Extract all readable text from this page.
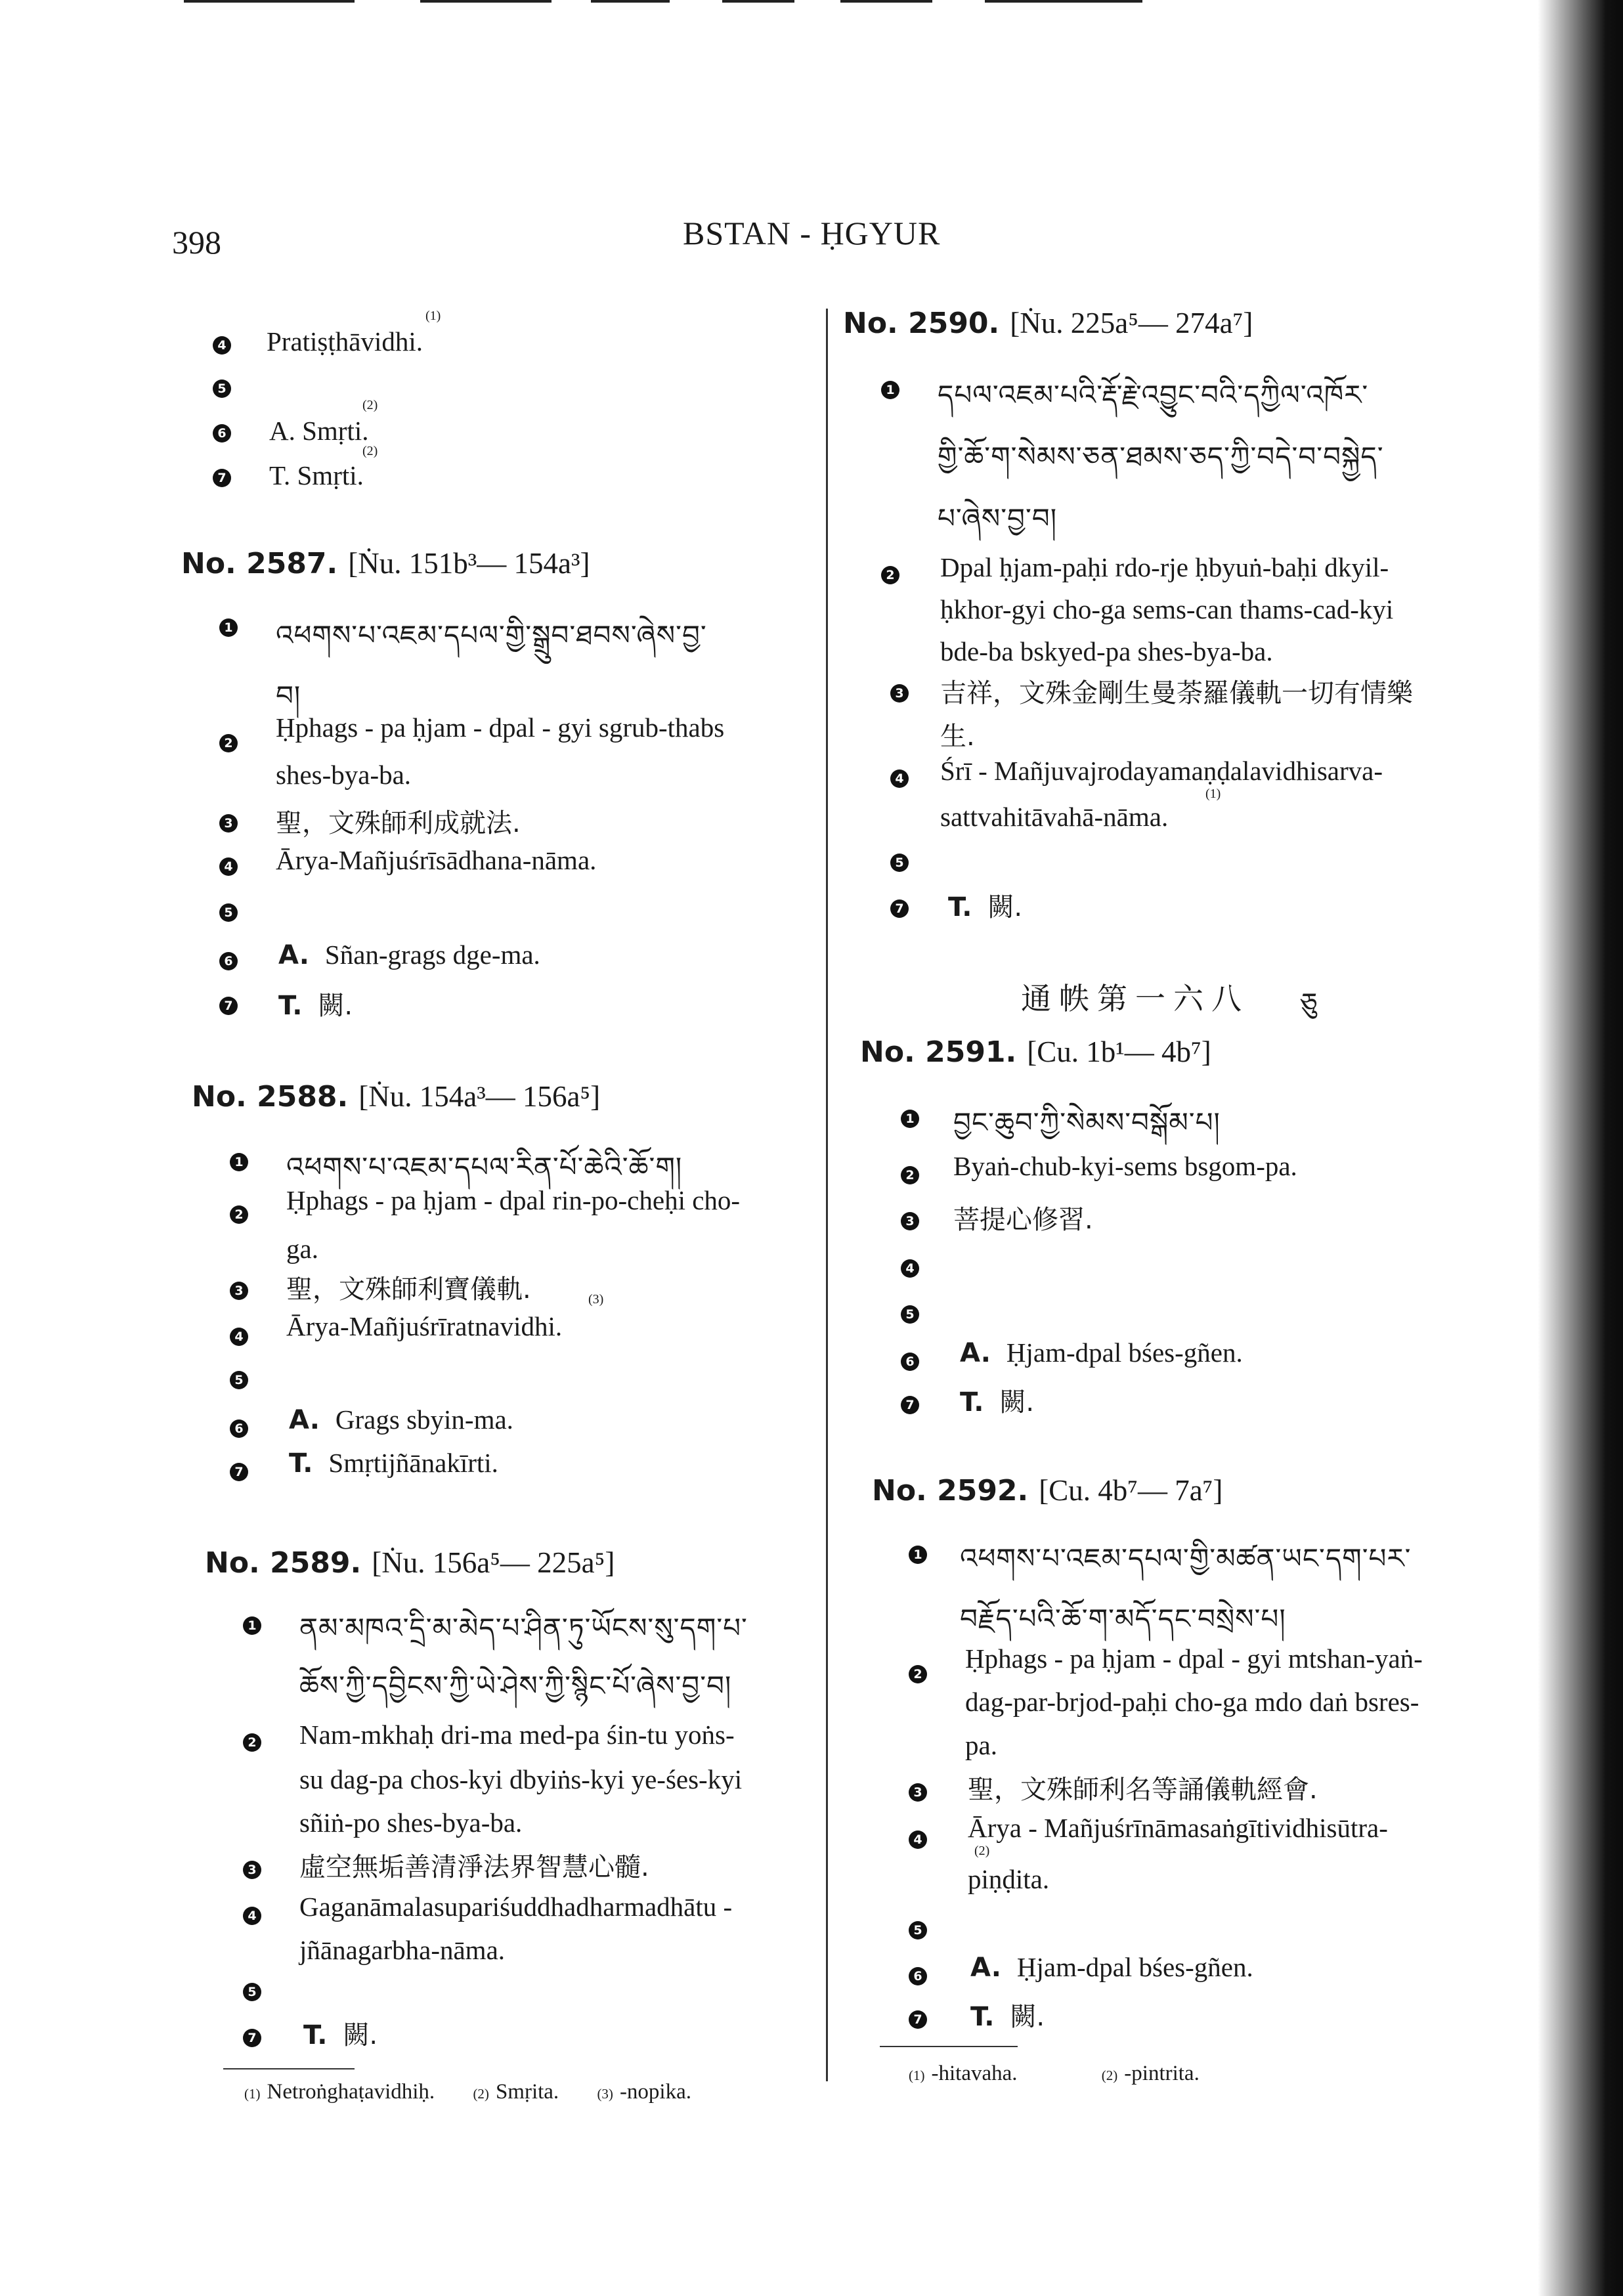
398	BSTAN - ḤGYUR
4 Pratiṣṭhāvidhi.
(1)
5
6 A. Smṛti.
(2)
7 T. Smṛti.
(2)
No. 2587. [Ṅu. 151b³— 154a³]
1 འཕགས་པ་འཇམ་དཔལ་གྱི་སྒྲུབ་ཐབས་ཞེས་བྱ་
བ།
2
Ḥphags - pa ḥjam - dpal - gyi sgrub-thabs
shes-bya-ba.
3 聖，文殊師利成就法.
4 Ārya-Mañjuśrīsādhana-nāma.
5
6 A. Sñan-grags dge-ma.
7 T. 闕.
No. 2588. [Ṅu. 154a³— 156a⁵]
1 འཕགས་པ་འཇམ་དཔལ་རིན་པོ་ཆེའི་ཆོ་ག།
2 Ḥphags - pa ḥjam - dpal rin-po-cheḥi cho-
ga.
3 聖，文殊師利寶儀軌.
4 Ārya-Mañjuśrīratnavidhi.
(3)
5
6 A. Grags sbyin-ma.
7 T. Smṛtijñānakīrti.
No. 2589. [Ṅu. 156a⁵— 225a⁵]
1 ནམ་མཁའ་དྲི་མ་མེད་པ་ཤིན་ཏུ་ཡོངས་སུ་དག་པ་
ཆོས་ཀྱི་དབྱིངས་ཀྱི་ཡེ་ཤེས་ཀྱི་སྙིང་པོ་ཞེས་བྱ་བ།
2 Nam-mkhaḥ dri-ma med-pa śin-tu yoṅs-
su dag-pa chos-kyi dbyiṅs-kyi ye-śes-kyi
sñiṅ-po shes-bya-ba.
3 虛空無垢善清淨法界智慧心髓.
4 Gaganāmalasupariśuddhadharmadhātu -
jñānagarbha-nāma.
5
7 T. 闕.
(1) Netroṅghaṭavidhiḥ.	(2) Smṛita.	(3) -nopika.
No. 2590. [Ṅu. 225a⁵— 274a⁷]
1 དཔལ་འཇམ་པའི་རྡོ་རྗེ་འབྱུང་བའི་དཀྱིལ་འཁོར་
གྱི་ཆོ་ག་སེམས་ཅན་ཐམས་ཅད་ཀྱི་བདེ་བ་བསྐྱེད་
པ་ཞེས་བྱ་བ།
2 Dpal ḥjam-paḥi rdo-rje ḥbyuṅ-baḥi dkyil-
ḥkhor-gyi cho-ga sems-can thams-cad-kyi
bde-ba bskyed-pa shes-bya-ba.
3 吉祥，文殊金剛生曼荼羅儀軌一切有情樂
生.
4 Śrī - Mañjuvajrodayamaṇḍalavidhisarva-
(1)
sattvahitāvahā-nāma.
5
7 T. 闕.
通帙第一六八 ཅུ
No. 2591. [Cu. 1b¹— 4b⁷]
1 བྱང་ཆུབ་ཀྱི་སེམས་བསྒོམ་པ།
2 Byaṅ-chub-kyi-sems bsgom-pa.
3 菩提心修習.
4
5
6 A. Ḥjam-dpal bśes-gñen.
7 T. 闕.
No. 2592. [Cu. 4b⁷— 7a⁷]
1 འཕགས་པ་འཇམ་དཔལ་གྱི་མཚན་ཡང་དག་པར་
བརྗོད་པའི་ཆོ་ག་མདོ་དང་བསྲེས་པ།
2
Ḥphags - pa ḥjam - dpal - gyi mtshan-yaṅ-
dag-par-brjod-paḥi cho-ga mdo daṅ bsres-
pa.
3 聖，文殊師利名等誦儀軌經會.
4 Ārya - Mañjuśrīnāmasaṅgītividhisūtra-
(2)
piṇḍita.
5
6 A. Ḥjam-dpal bśes-gñen.
7 T. 闕.
(1) -hitavaha.	(2) -pintrita.
